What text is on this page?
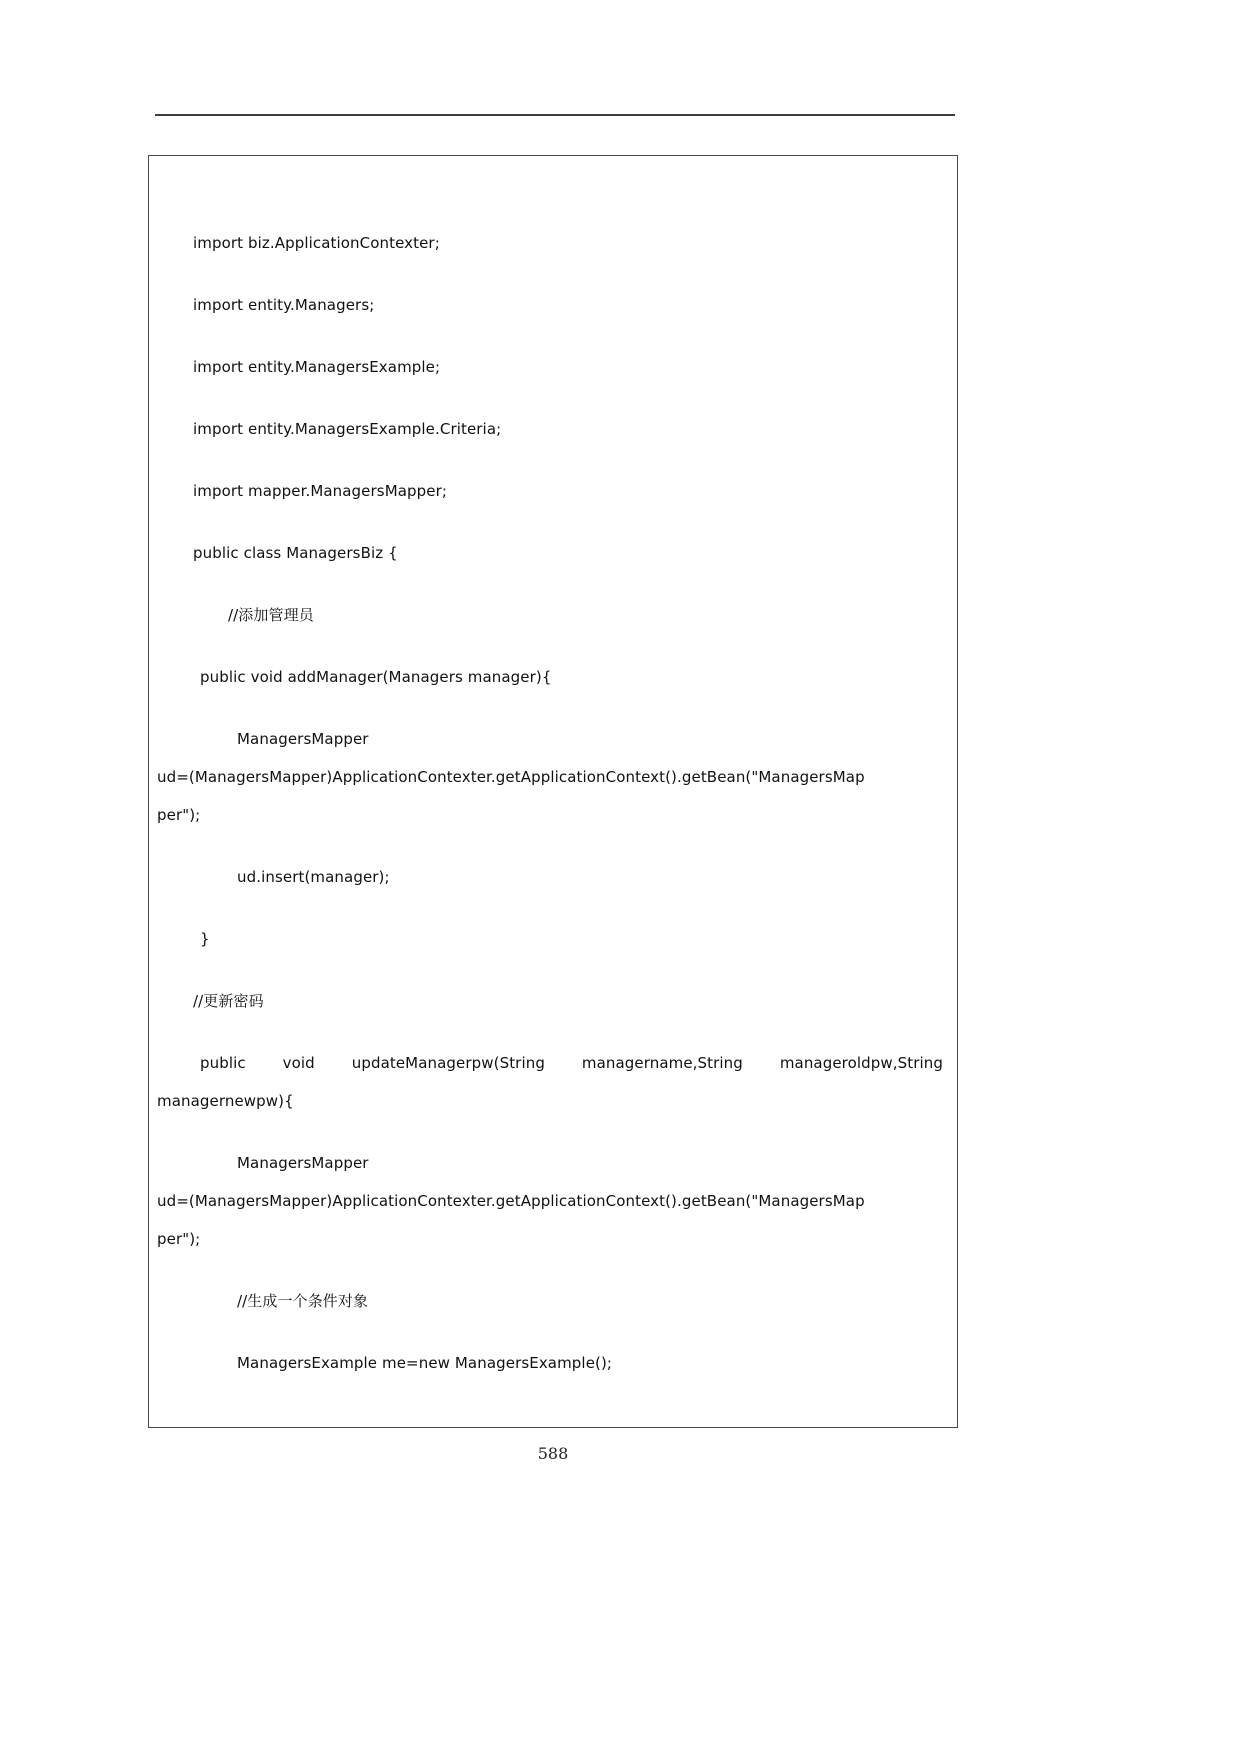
import biz.ApplicationContexter;
import entity.Managers;
import entity.ManagersExample;
import entity.ManagersExample.Criteria;
import mapper.ManagersMapper;
public class ManagersBiz {
//添加管理员
public void addManager(Managers manager){
ManagersMapper
ud=(ManagersMapper)ApplicationContexter.getApplicationContext().getBean("ManagersMap
per");
ud.insert(manager);
}
//更新密码
public void updateManagerpw(String managername,String manageroldpw,String
managernewpw){
ManagersMapper
ud=(ManagersMapper)ApplicationContexter.getApplicationContext().getBean("ManagersMap
per");
//生成一个条件对象
ManagersExample me=new ManagersExample();
588
